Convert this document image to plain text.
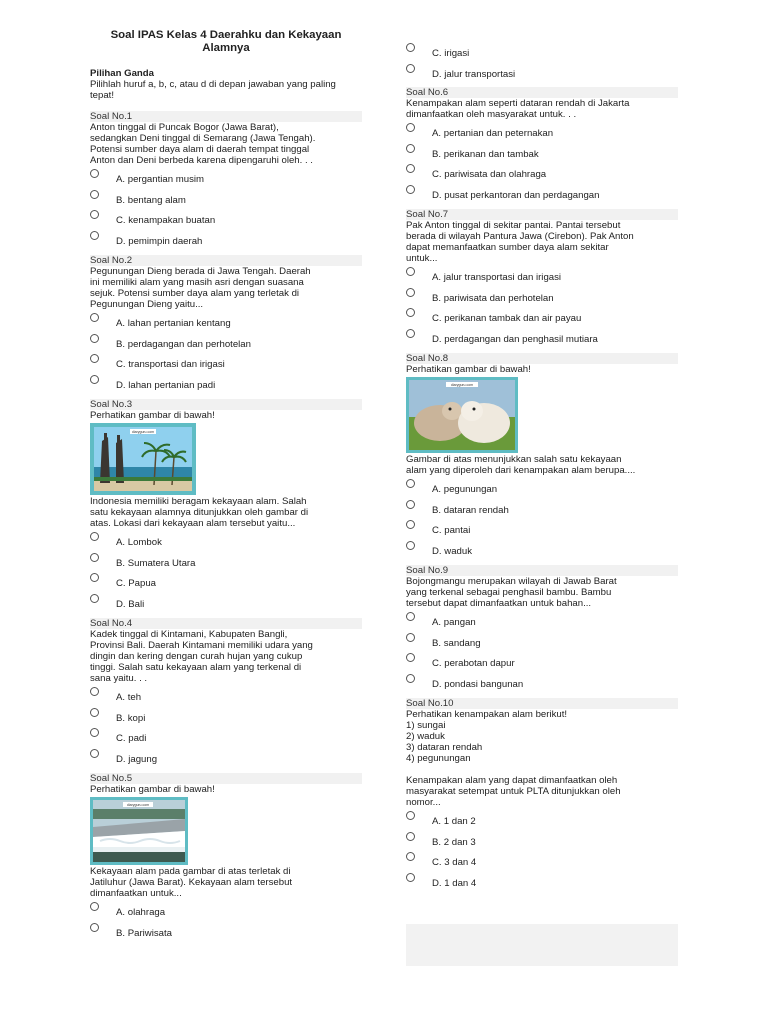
Soal IPAS Kelas 4 Daerahku dan Kekayaan Alamnya
Pilihan Ganda
Pilihlah huruf a, b, c, atau d di depan jawaban yang paling tepat!
Soal No.1
Anton tinggal di Puncak Bogor (Jawa Barat),
sedangkan Deni tinggal di Semarang (Jawa Tengah).
Potensi sumber daya alam di daerah tempat tinggal
Anton dan Deni berbeda karena dipengaruhi oleh. . .
A. pergantian musim
B. bentang alam
C. kenampakan buatan
D. pemimpin daerah
Soal No.2
Pegunungan Dieng berada di Jawa Tengah. Daerah
ini memiliki alam yang masih asri dengan suasana
sejuk. Potensi sumber daya alam yang terletak di
Pegunungan Dieng yaitu...
A. lahan pertanian kentang
B. perdagangan dan perhotelan
C. transportasi dan irigasi
D. lahan pertanian padi
Soal No.3
Perhatikan gambar di bawah!
diaryguru.com
Indonesia memiliki beragam kekayaan alam. Salah
satu kekayaan alamnya ditunjukkan oleh gambar di
atas. Lokasi dari kekayaan alam tersebut yaitu...
A. Lombok
B. Sumatera Utara
C. Papua
D. Bali
Soal No.4
Kadek tinggal di Kintamani, Kabupaten Bangli,
Provinsi Bali. Daerah Kintamani memiliki udara yang
dingin dan kering dengan curah hujan yang cukup
tinggi. Salah satu kekayaan alam yang terkenal di
sana yaitu. . .
A. teh
B. kopi
C. padi
D. jagung
Soal No.5
Perhatikan gambar di bawah!
diaryguru.com
Kekayaan alam pada gambar di atas terletak di
Jatiluhur (Jawa Barat). Kekayaan alam tersebut
dimanfaatkan untuk...
A. olahraga
B. Pariwisata
C. irigasi
D. jalur transportasi
Soal No.6
Kenampakan alam seperti dataran rendah di Jakarta
dimanfaatkan oleh masyarakat untuk. . .
A. pertanian dan peternakan
B. perikanan dan tambak
C. pariwisata dan olahraga
D. pusat perkantoran dan perdagangan
Soal No.7
Pak Anton tinggal di sekitar pantai. Pantai tersebut
berada di wilayah Pantura Jawa (Cirebon). Pak Anton
dapat memanfaatkan sumber daya alam sekitar
untuk...
A. jalur transportasi dan irigasi
B. pariwisata dan perhotelan
C. perikanan tambak dan air payau
D. perdagangan dan penghasil mutiara
Soal No.8
Perhatikan gambar di bawah!
diaryguru.com
Gambar di atas menunjukkan salah satu kekayaan
alam yang diperoleh dari kenampakan alam berupa....
A. pegunungan
B. dataran rendah
C. pantai
D. waduk
Soal No.9
Bojongmangu merupakan wilayah di Jawab Barat
yang terkenal sebagai penghasil bambu. Bambu
tersebut dapat dimanfaatkan untuk bahan...
A. pangan
B. sandang
C. perabotan dapur
D. pondasi bangunan
Soal No.10
Perhatikan kenampakan alam berikut!
1) sungai
2) waduk
3) dataran rendah
4) pegunungan
Kenampakan alam yang dapat dimanfaatkan oleh
masyarakat setempat untuk PLTA ditunjukkan oleh
nomor...
A. 1 dan 2
B. 2 dan 3
C. 3 dan 4
D. 1 dan 4
